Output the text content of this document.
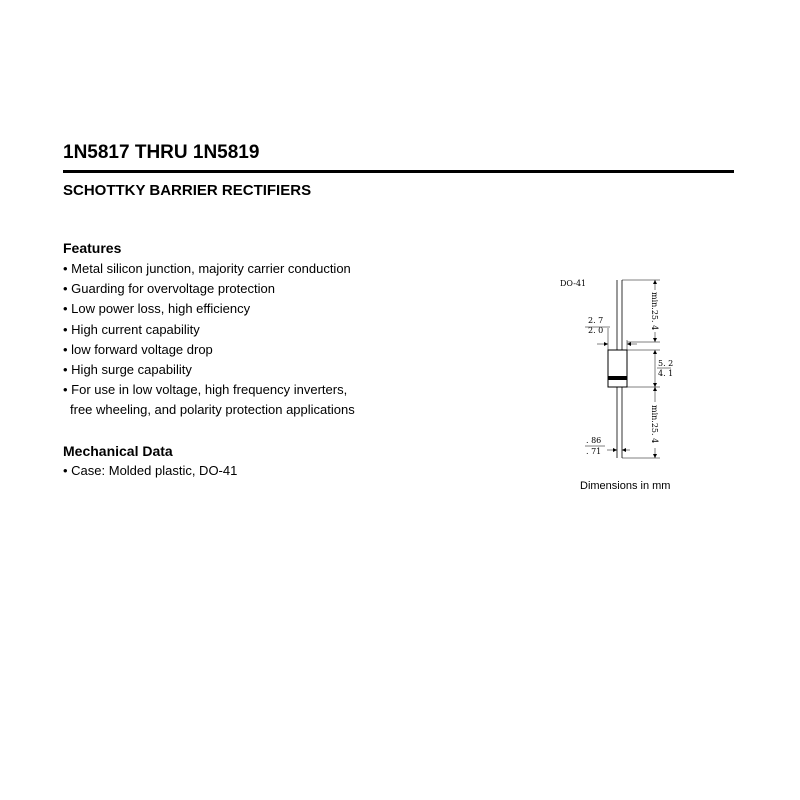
1N5817 THRU 1N5819
SCHOTTKY BARRIER RECTIFIERS
Features
• Metal silicon junction, majority carrier conduction
• Guarding for overvoltage protection
• Low power loss, high efficiency
• High current capability
• low forward voltage drop
• High surge capability
• For use in low voltage, high frequency inverters,
free wheeling, and polarity protection applications
Mechanical Data
• Case: Molded plastic, DO-41
DO-41
min.25. 4
5. 2
4. 1
min.25. 4
2. 7
2. 0
. 86
. 71

Dimensions in mm
